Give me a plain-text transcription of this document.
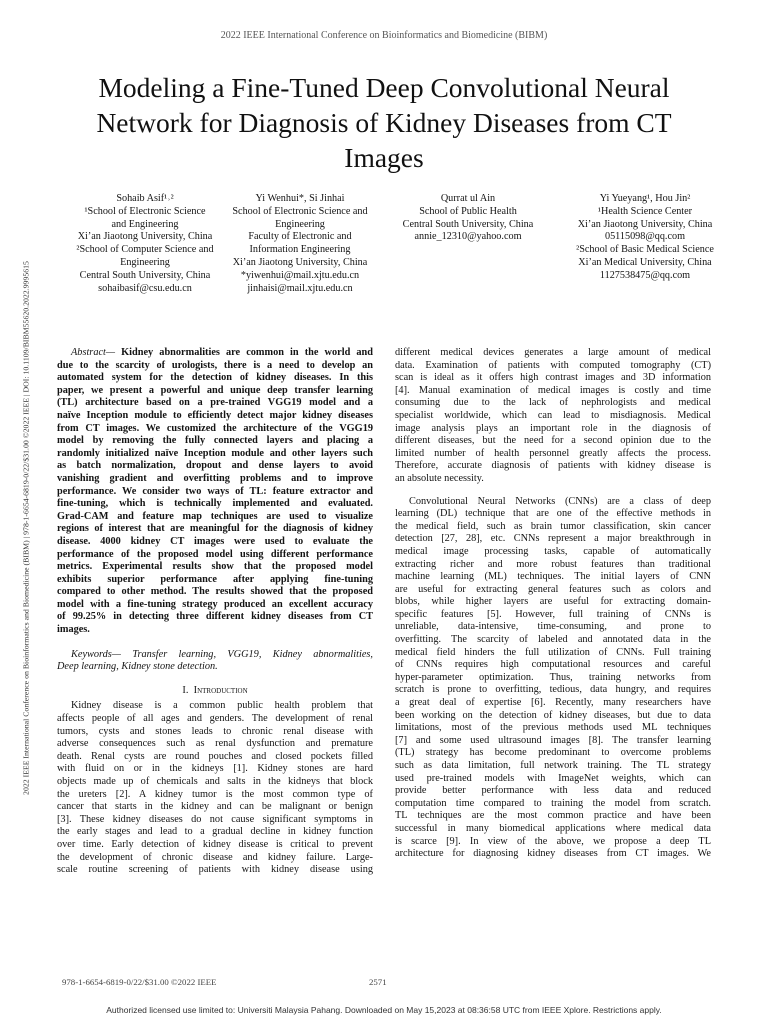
2022 IEEE International Conference on Bioinformatics and Biomedicine (BIBM) | 978-1-6654-6819-0/22/$31.00 ©2022 IEEE | DOI: 10.1109/BIBM55620.2022.9995615
2022 IEEE International Conference on Bioinformatics and Biomedicine (BIBM)
Modeling a Fine-Tuned Deep Convolutional Neural
Network for Diagnosis of Kidney Diseases from CT
Images
Sohaib Asif¹˒²
¹School of Electronic Science
and Engineering
Xi’an Jiaotong University, China
²School of Computer Science and
Engineering
Central South University, China
sohaibasif@csu.edu.cn
Yi Wenhui*, Si Jinhai
School of Electronic Science and
Engineering
Faculty of Electronic and
Information Engineering
Xi’an Jiaotong University, China
*yiwenhui@mail.xjtu.edu.cn
jinhaisi@mail.xjtu.edu.cn
Qurrat ul Ain
School of Public Health
Central South University, China
annie_12310@yahoo.com
Yi Yueyang¹, Hou Jin²
¹Health Science Center
Xi’an Jiaotong University, China
05115098@qq.com
²School of Basic Medical Science
Xi’an Medical University, China
1127538475@qq.com
Abstract— Kidney abnormalities are common in the world and
due to the scarcity of urologists, there is a need to develop an
automated system for the detection of kidney diseases. In this
paper, we present a powerful and unique deep transfer learning
(TL) architecture based on a pre-trained VGG19 model and a
naïve Inception module to efficiently detect major kidney diseases
from CT images. We customized the architecture of the VGG19
model by removing the fully connected layers and placing a
randomly initialized naïve Inception module and other layers such
as batch normalization, dropout and dense layers to avoid
vanishing gradient and overfitting problems and to improve
performance. We consider two ways of TL: feature extractor and
fine-tuning, which is technically implemented and evaluated.
Grad-CAM and feature map techniques are used to visualize
regions of interest that are meaningful for the diagnosis of kidney
disease. 4000 kidney CT images were used to evaluate the
performance of the proposed model using different performance
metrics. Experimental results show that the proposed model
exhibits superior performance after applying fine-tuning
compared to other method. The results showed that the proposed
model with a fine-tuning strategy produced an excellent accuracy
of 99.25% in detecting three different kidney diseases from CT
images.
Keywords— Transfer learning, VGG19, Kidney abnormalities,
Deep learning, Kidney stone detection.
I. Introduction
Kidney disease is a common public health problem that
affects people of all ages and genders. The development of renal
tumors, cysts and stones leads to chronic renal disease with
adverse consequences such as renal dysfunction and premature
death. Renal cysts are round pouches and closed pockets filled
with fluid on or in the kidneys [1]. Kidney stones are hard
objects made up of chemicals and salts in the kidneys that block
the ureters [2]. A kidney tumor is the most common type of
cancer that starts in the kidney and can be malignant or benign
[3]. These kidney diseases do not cause significant symptoms in
the early stages and lead to a gradual decline in kidney function
over time. Early detection of kidney disease is critical to prevent
the development of chronic disease and kidney failure. Large-
scale routine screening of patients with kidney disease using
different medical devices generates a large amount of medical
data. Examination of patients with computed tomography (CT)
scan is ideal as it offers high contrast images and 3D information
[4]. Manual examination of medical images is costly and time
consuming due to the lack of nephrologists and medical
specialist worldwide, which can lead to misdiagnosis. Medical
image analysis plays an important role in the diagnosis of
different diseases, but the need for a second opinion due to the
limited number of health personnel greatly affects the process.
Therefore, accurate diagnosis of patients with kidney disease is
an absolute necessity.
Convolutional Neural Networks (CNNs) are a class of deep
learning (DL) technique that are one of the effective methods in
the medical field, such as brain tumor classification, skin cancer
detection [27, 28], etc. CNNs represent a major breakthrough in
medical image processing tasks, capable of automatically
extracting richer and more robust features than traditional
machine learning (ML) techniques. The initial layers of CNN
are useful for extracting general features such as colors and
blobs, while higher layers are useful for extracting domain-
specific features [5]. However, full training of CNNs is
unreliable, data-intensive, time-consuming, and prone to
overfitting. The scarcity of labeled and annotated data in the
medical field hinders the full utilization of CNNs. Full training
of CNNs requires high computational resources and careful
hyper-parameter optimization. Thus, training networks from
scratch is prone to overfitting, tedious, data hungry, and requires
a great deal of expertise [6]. Recently, many researchers have
been working on the detection of kidney diseases, but due to data
limitations, most of the previous methods used ML techniques
[7] and some used ultrasound images [8]. The transfer learning
(TL) strategy has become predominant to overcome problems
such as data limitation, full network training. The TL strategy
used pre-trained models with ImageNet weights, which can
provide better performance with less data and reduced
computation time compared to training the model from scratch.
TL techniques are the most common practice and have been
successful in many biomedical applications where medical data
is scarce [9]. In view of the above, we propose a deep TL
architecture for diagnosing kidney diseases from CT images. We
978-1-6654-6819-0/22/$31.00 ©2022 IEEE	2571
Authorized licensed use limited to: Universiti Malaysia Pahang. Downloaded on May 15,2023 at 08:36:58 UTC from IEEE Xplore. Restrictions apply.
